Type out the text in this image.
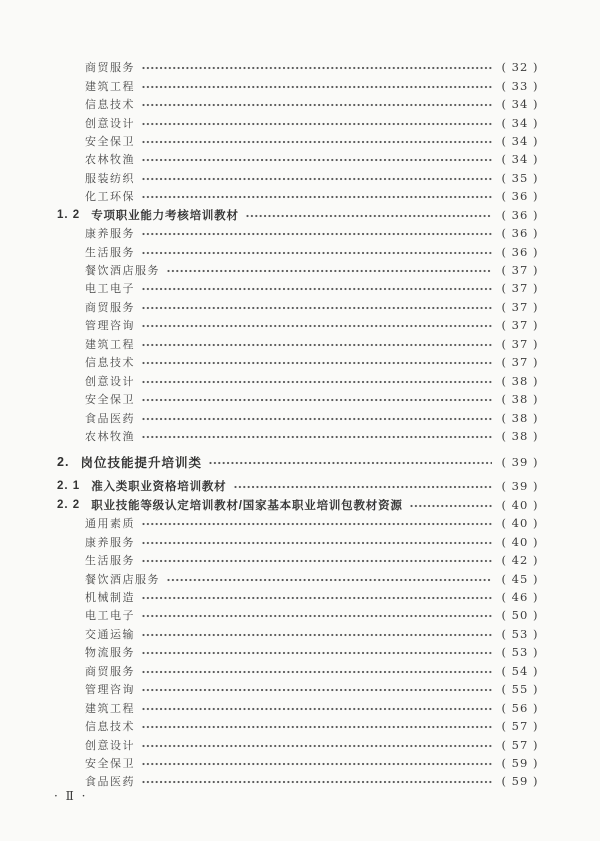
商贸服务	( 32 )
建筑工程	( 33 )
信息技术	( 34 )
创意设计	( 34 )
安全保卫	( 34 )
农林牧渔	( 34 )
服装纺织	( 35 )
化工环保	( 36 )
1. 2 专项职业能力考核培训教材	( 36 )
康养服务	( 36 )
生活服务	( 36 )
餐饮酒店服务	( 37 )
电工电子	( 37 )
商贸服务	( 37 )
管理咨询	( 37 )
建筑工程	( 37 )
信息技术	( 37 )
创意设计	( 38 )
安全保卫	( 38 )
食品医药	( 38 )
农林牧渔	( 38 )
2. 岗位技能提升培训类	( 39 )
2. 1 准入类职业资格培训教材	( 39 )
2. 2 职业技能等级认定培训教材/国家基本职业培训包教材资源	( 40 )
通用素质	( 40 )
康养服务	( 40 )
生活服务	( 42 )
餐饮酒店服务	( 45 )
机械制造	( 46 )
电工电子	( 50 )
交通运输	( 53 )
物流服务	( 53 )
商贸服务	( 54 )
管理咨询	( 55 )
建筑工程	( 56 )
信息技术	( 57 )
创意设计	( 57 )
安全保卫	( 59 )
食品医药	( 59 )
· Ⅱ ·
